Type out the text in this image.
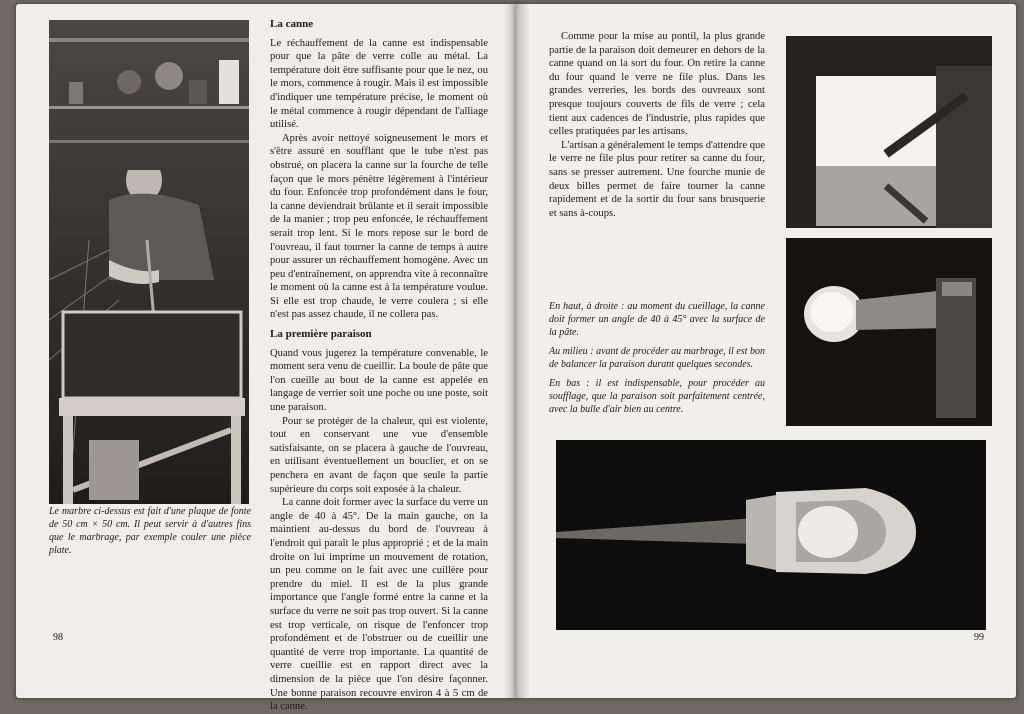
Le marbre ci-dessus est fait d'une plaque de fonte de 50 cm × 50 cm. Il peut servir à d'autres fins que le marbrage, par exemple couler une pièce plate.

La canne

Le réchauffement de la canne est indispensable pour que la pâte de verre colle au métal. La température doit être suffisante pour que le nez, ou le mors, commence à rougir. Mais il est impossible d'indiquer une température précise, le moment où le métal commence à rougir dépendant de l'alliage utilisé.

Après avoir nettoyé soigneusement le mors et s'être assuré en soufflant que le tube n'est pas obstrué, on placera la canne sur la fourche de telle façon que le mors pénètre légèrement à l'intérieur du four. Enfoncée trop profondément dans le four, la canne deviendrait brûlante et il serait impossible de la manier ; trop peu enfoncée, le réchauffement serait trop lent. Si le mors repose sur le bord de l'ouvreau, il faut tourner la canne de temps à autre pour assurer un réchauffement homogène. Avec un peu d'entraînement, on apprendra vite à reconnaître le moment où la canne est à la température voulue. Si elle est trop chaude, le verre coulera ; si elle n'est pas assez chaude, il ne collera pas.

La première paraison

Quand vous jugerez la température convenable, le moment sera venu de cueillir. La boule de pâte que l'on cueille au bout de la canne est appelée en langage de verrier soit une poche ou une poste, soit une paraison.

Pour se protéger de la chaleur, qui est violente, tout en conservant une vue d'ensemble satisfaisante, on se placera à gauche de l'ouvreau, en utilisant éventuellement un bouclier, et on se penchera en avant de façon que seule la partie supérieure du corps soit exposée à la chaleur.

La canne doit former avec la surface du verre un angle de 40 à 45°. De la main gauche, on la maintient au-dessus du bord de l'ouvreau à l'endroit qui paraît le plus approprié ; et de la main droite on lui imprime un mouvement de rotation, un peu comme on le fait avec une cuillère pour prendre du miel. Il est de la plus grande importance que l'angle formé entre la canne et la surface du verre ne soit pas trop ouvert. Si la canne est trop verticale, on risque de l'enfoncer trop profondément et de l'obstruer ou de cueillir une quantité de verre trop importante. La quantité de verre cueillie est en rapport direct avec la dimension de la pièce que l'on désire façonner. Une bonne paraison recouvre environ 4 à 5 cm de la canne.

98

Comme pour la mise au pontil, la plus grande partie de la paraison doit demeurer en dehors de la canne quand on la sort du four. On retire la canne du four quand le verre ne file plus. Dans les grandes verreries, les bords des ouvreaux sont presque toujours couverts de fils de verre ; cela tient aux cadences de l'industrie, plus rapides que celles pratiquées par les artisans.

L'artisan a généralement le temps d'attendre que le verre ne file plus pour retirer sa canne du four, sans se presser autrement. Une fourche munie de deux billes permet de faire tourner la canne rapidement et de la sortir du four sans brusquerie et sans à-coups.

En haut, à droite : au moment du cueillage, la canne doit former un angle de 40 à 45° avec la surface de la pâte.

Au milieu : avant de procéder au marbrage, il est bon de balancer la paraison durant quelques secondes.

En bas : il est indispensable, pour procéder au soufflage, que la paraison soit parfaitement centrée, avec la bulle d'air bien au centre.

99
